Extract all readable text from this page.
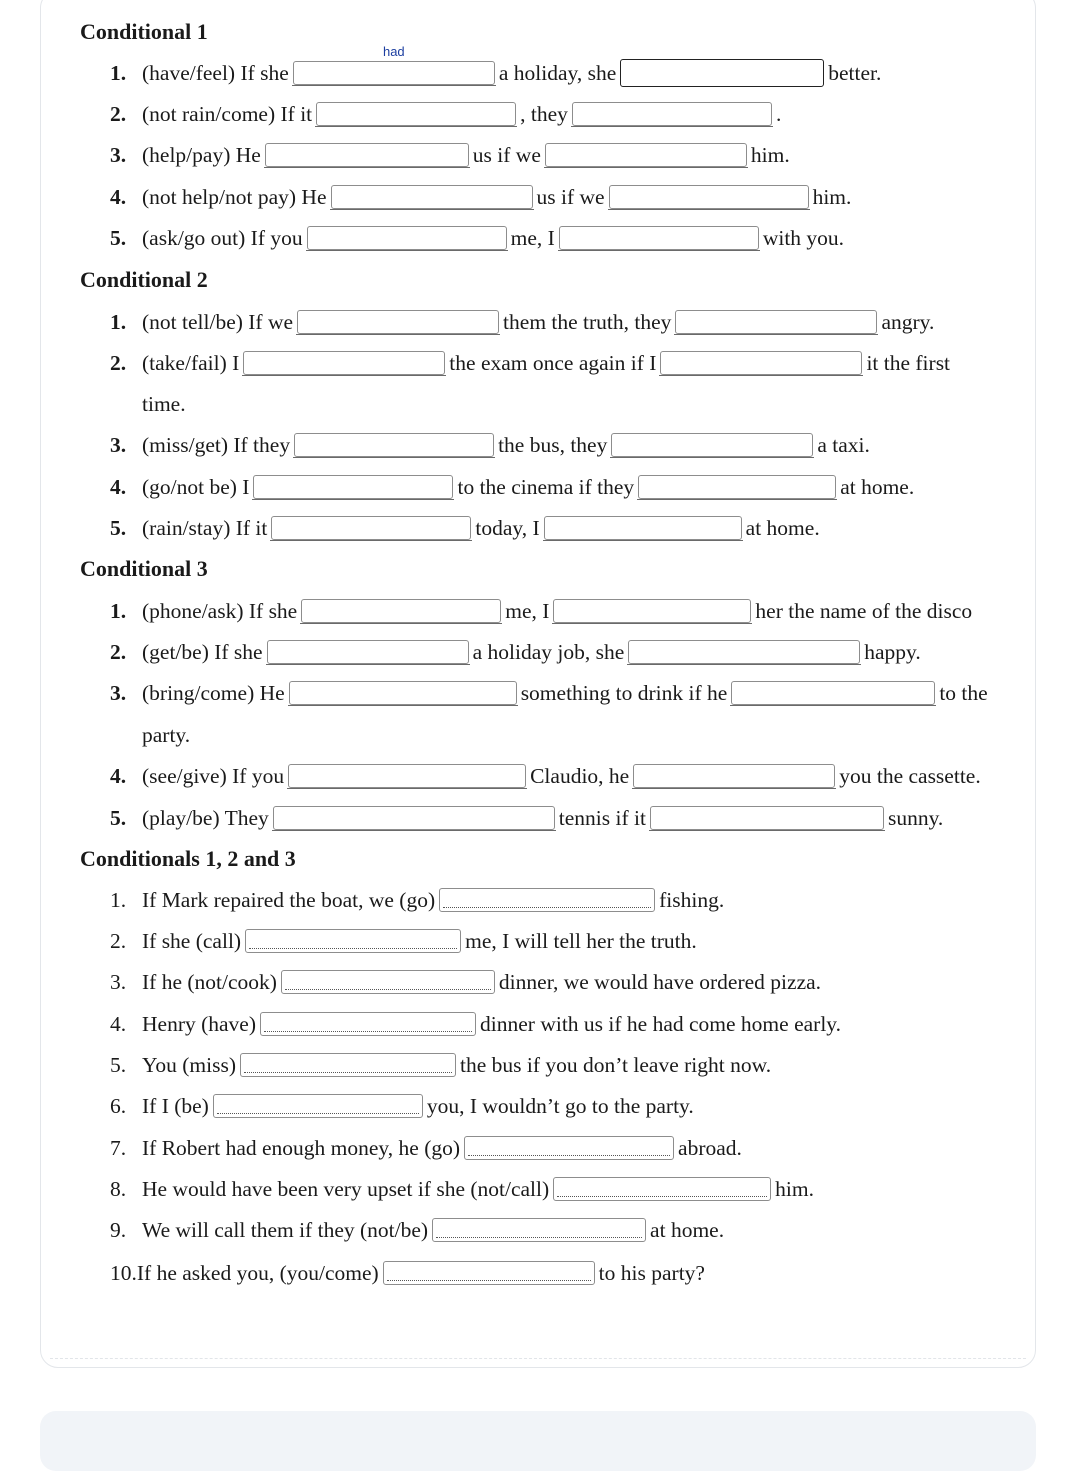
Conditional 1
1. (have/feel) If she
had
a holiday, she	better.
2. (not rain/come) If it	, they	.
3. (help/pay) He	us if we	him.
4. (not help/not pay) He	us if we	him.
5. (ask/go out) If you	me, I	with you.
Conditional 2
1. (not tell/be) If we	them the truth, they	angry.
2. (take/fail) I	the exam once again if I	it the first
time.
3. (miss/get) If they	the bus, they	a taxi.
4. (go/not be) I	to the cinema if they	at home.
5. (rain/stay) If it	today, I	at home.
Conditional 3
1. (phone/ask) If she	me, I	her the name of the disco
2. (get/be) If she	a holiday job, she	happy.
3. (bring/come) He	something to drink if he	to the
party.
4. (see/give) If you	Claudio, he	you the cassette.
5. (play/be) They	tennis if it	sunny.
Conditionals 1, 2 and 3
1. If Mark repaired the boat, we (go)	fishing.
2. If she (call)	me, I will tell her the truth.
3. If he (not/cook)	dinner, we would have ordered pizza.
4. Henry (have)	dinner with us if he had come home early.
5. You (miss)	the bus if you don’t leave right now.
6. If I (be)	you, I wouldn’t go to the party.
7. If Robert had enough money, he (go)	abroad.
8. He would have been very upset if she (not/call)	him.
9. We will call them if they (not/be)	at home.
10. If he asked you, (you/come)	to his party?
